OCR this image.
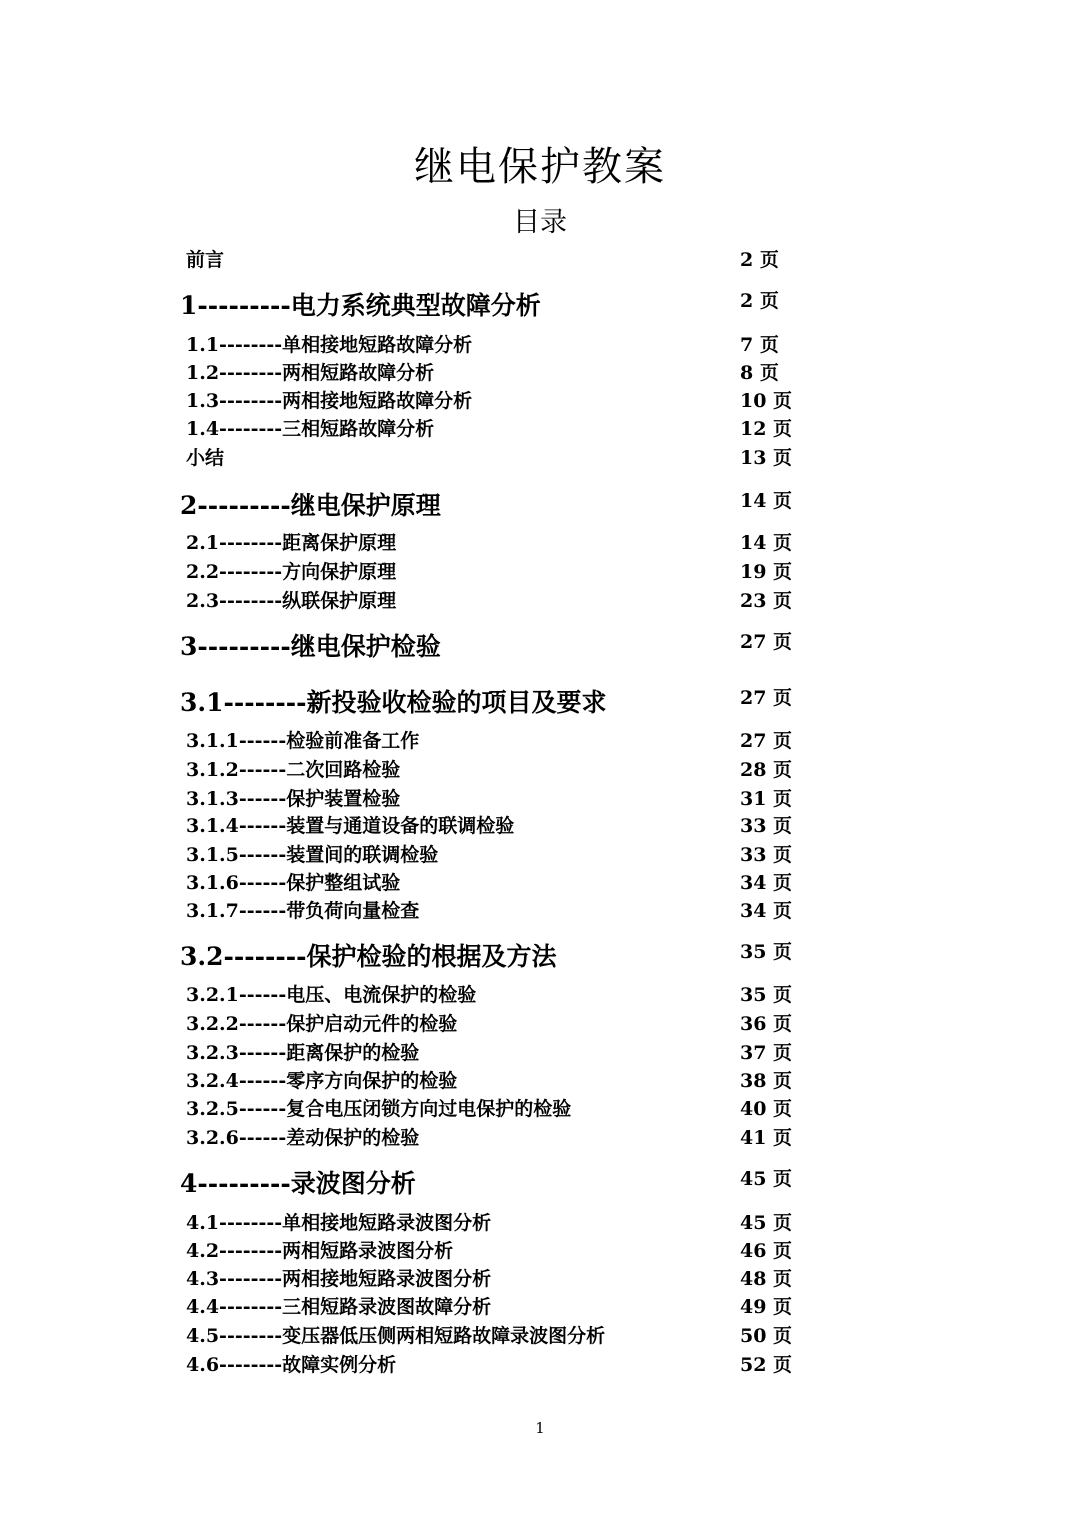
继电保护教案
目录
前言	2 页
1---------电力系统典型故障分析	2 页
1.1--------单相接地短路故障分析	7 页
1.2--------两相短路故障分析	8 页
1.3--------两相接地短路故障分析	10 页
1.4--------三相短路故障分析	12 页
小结	13 页
2---------继电保护原理	14 页
2.1--------距离保护原理	14 页
2.2--------方向保护原理	19 页
2.3--------纵联保护原理	23 页
3---------继电保护检验	27 页
3.1--------新投验收检验的项目及要求	27 页
3.1.1------检验前准备工作	27 页
3.1.2------二次回路检验	28 页
3.1.3------保护装置检验	31 页
3.1.4------装置与通道设备的联调检验	33 页
3.1.5------装置间的联调检验	33 页
3.1.6------保护整组试验	34 页
3.1.7------带负荷向量检查	34 页
3.2--------保护检验的根据及方法	35 页
3.2.1------电压、电流保护的检验	35 页
3.2.2------保护启动元件的检验	36 页
3.2.3------距离保护的检验	37 页
3.2.4------零序方向保护的检验	38 页
3.2.5------复合电压闭锁方向过电保护的检验	40 页
3.2.6------差动保护的检验	41 页
4---------录波图分析	45 页
4.1--------单相接地短路录波图分析	45 页
4.2--------两相短路录波图分析	46 页
4.3--------两相接地短路录波图分析	48 页
4.4--------三相短路录波图故障分析	49 页
4.5--------变压器低压侧两相短路故障录波图分析	50 页
4.6--------故障实例分析	52 页
1
